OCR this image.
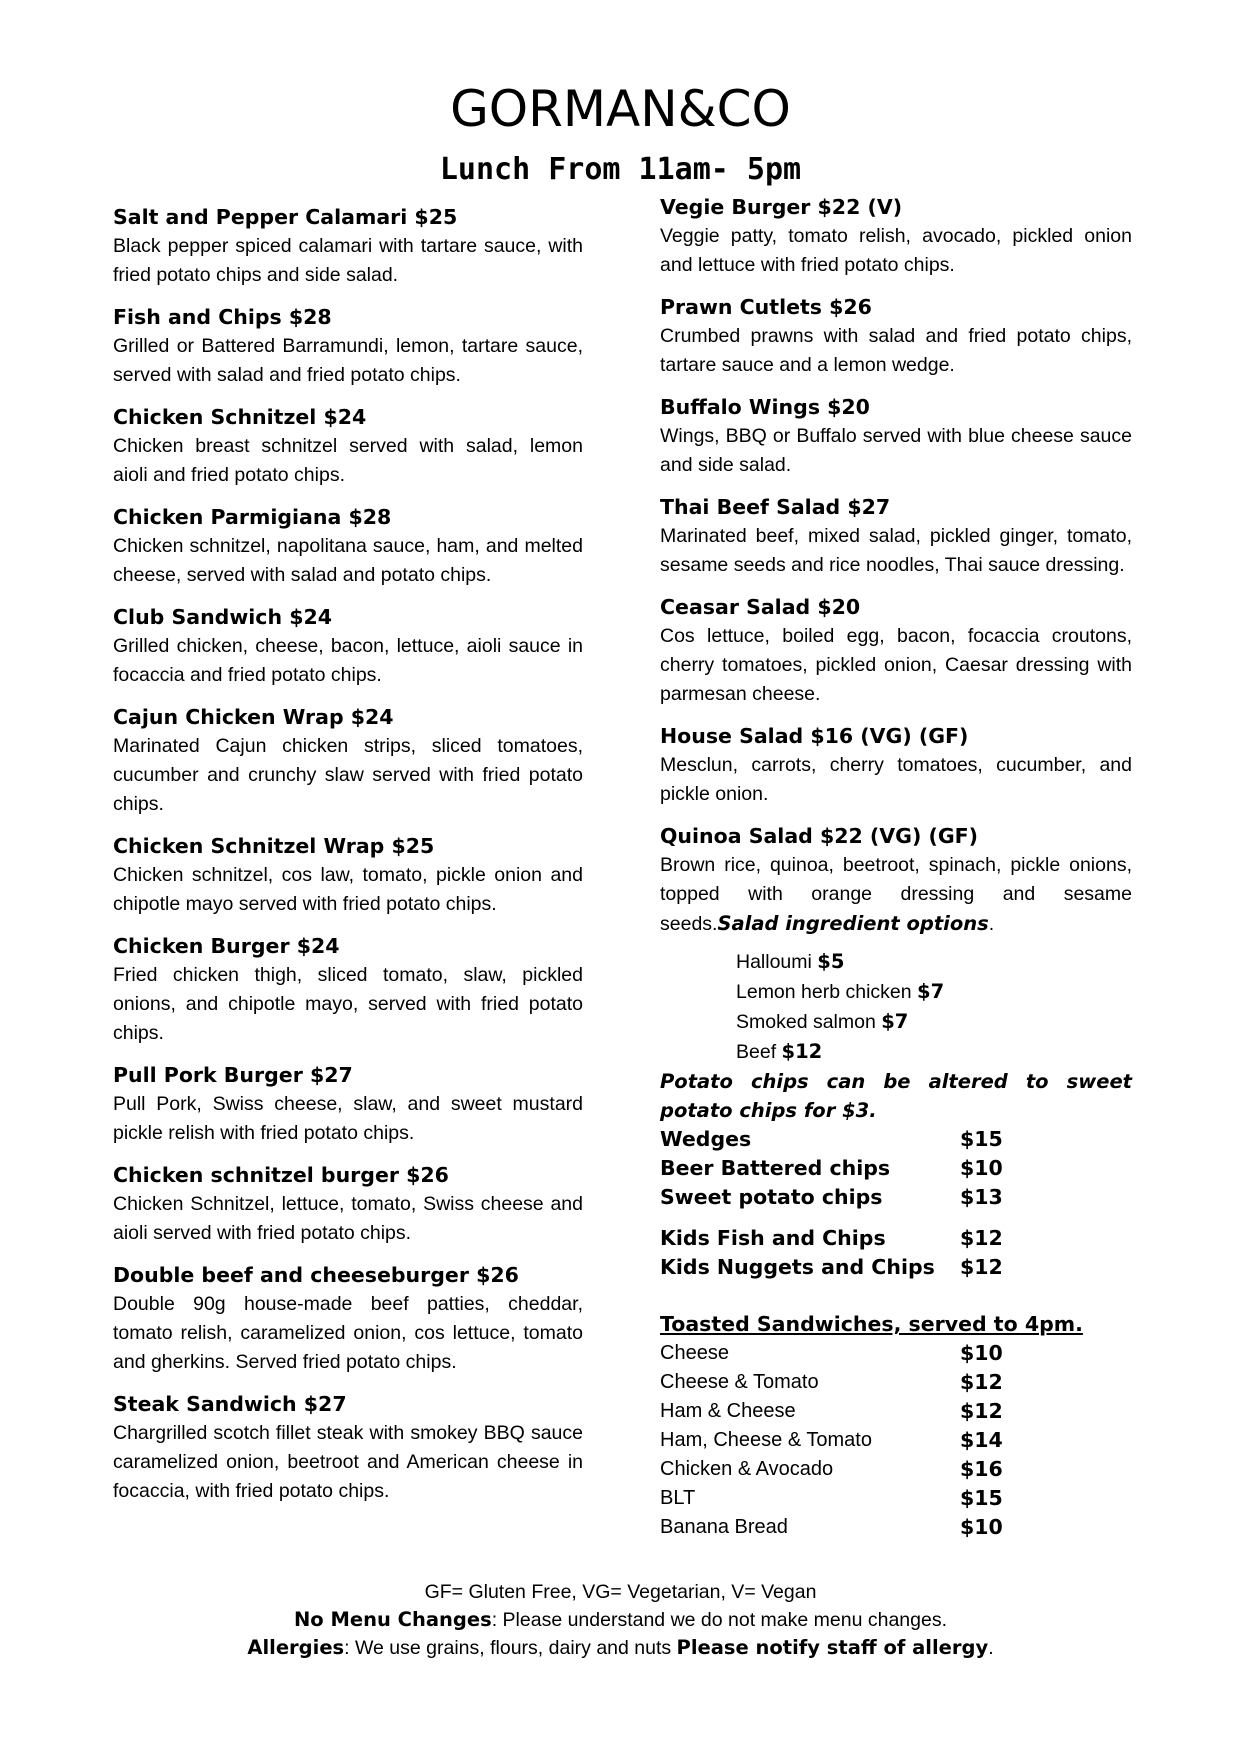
GORMAN&CO
Lunch From 11am- 5pm
Salt and Pepper Calamari $25
Black pepper spiced calamari with tartare sauce, with fried potato chips and side salad.
Fish and Chips $28
Grilled or Battered Barramundi, lemon, tartare sauce, served with salad and fried potato chips.
Chicken Schnitzel $24
Chicken breast schnitzel served with salad, lemon aioli and fried potato chips.
Chicken Parmigiana $28
Chicken schnitzel, napolitana sauce, ham, and melted cheese, served with salad and potato chips.
Club Sandwich $24
Grilled chicken, cheese, bacon, lettuce, aioli sauce in focaccia and fried potato chips.
Cajun Chicken Wrap $24
Marinated Cajun chicken strips, sliced tomatoes, cucumber and crunchy slaw served with fried potato chips.
Chicken Schnitzel Wrap $25
Chicken schnitzel, cos law, tomato, pickle onion and chipotle mayo served with fried potato chips.
Chicken Burger $24
Fried chicken thigh, sliced tomato, slaw, pickled onions, and chipotle mayo, served with fried potato chips.
Pull Pork Burger $27
Pull Pork, Swiss cheese, slaw, and sweet mustard pickle relish with fried potato chips.
Chicken schnitzel burger $26
Chicken Schnitzel, lettuce, tomato, Swiss cheese and aioli served with fried potato chips.
Double beef and cheeseburger $26
Double 90g house-made beef patties, cheddar, tomato relish, caramelized onion, cos lettuce, tomato and gherkins. Served fried potato chips.
Steak Sandwich $27
Chargrilled scotch fillet steak with smokey BBQ sauce caramelized onion, beetroot and American cheese in focaccia, with fried potato chips.
Vegie Burger $22 (V)
Veggie patty, tomato relish, avocado, pickled onion and lettuce with fried potato chips.
Prawn Cutlets $26
Crumbed prawns with salad and fried potato chips, tartare sauce and a lemon wedge.
Buffalo Wings $20
Wings, BBQ or Buffalo served with blue cheese sauce and side salad.
Thai Beef Salad $27
Marinated beef, mixed salad, pickled ginger, tomato, sesame seeds and rice noodles, Thai sauce dressing.
Ceasar Salad $20
Cos lettuce, boiled egg, bacon, focaccia croutons, cherry tomatoes, pickled onion, Caesar dressing with parmesan cheese.
House Salad $16 (VG) (GF)
Mesclun, carrots, cherry tomatoes, cucumber, and pickle onion.
Quinoa Salad $22 (VG) (GF)
Brown rice, quinoa, beetroot, spinach, pickle onions, topped with orange dressing and sesame seeds.Salad ingredient options.
Halloumi $5
Lemon herb chicken $7
Smoked salmon $7
Beef $12
Potato chips can be altered to sweet potato chips for $3.
Wedges	$15
Beer Battered chips	$10
Sweet potato chips	$13
Kids Fish and Chips	$12
Kids Nuggets and Chips	$12
Toasted Sandwiches, served to 4pm.
Cheese	$10
Cheese & Tomato	$12
Ham & Cheese	$12
Ham, Cheese & Tomato	$14
Chicken & Avocado	$16
BLT	$15
Banana Bread	$10
GF= Gluten Free, VG= Vegetarian, V= Vegan
No Menu Changes: Please understand we do not make menu changes.
Allergies: We use grains, flours, dairy and nuts Please notify staff of allergy.
